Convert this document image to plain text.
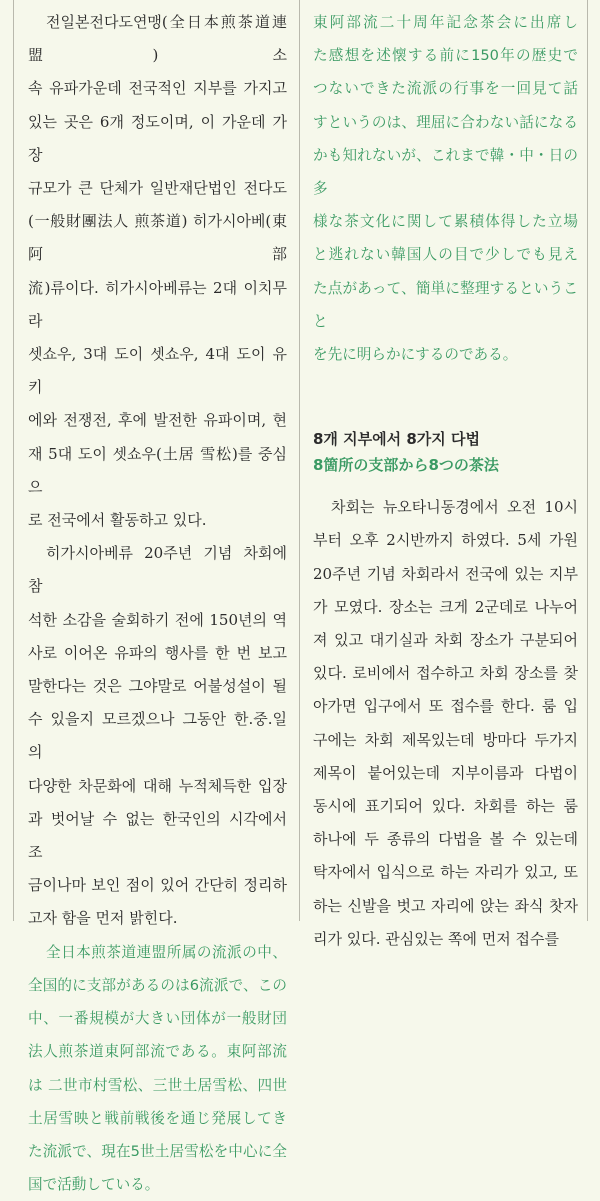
전일본전다도연맹(全日本煎茶道連盟) 소
속 유파가운데 전국적인 지부를 가지고
있는 곳은 6개 정도이며, 이 가운데 가장
규모가 큰 단체가 일반재단법인 전다도
(一般財團法人 煎茶道) 히가시아베(東阿部
流)류이다. 히가시아베류는 2대 이치무라
셋쇼우, 3대 도이 셋쇼우, 4대 도이 유키
에와 전쟁전, 후에 발전한 유파이며, 현
재 5대 도이 셋쇼우(土居 雪松)를 중심으
로 전국에서 활동하고 있다.
히가시아베류 20주년 기념 차회에 참
석한 소감을 술회하기 전에 150년의 역
사로 이어온 유파의 행사를 한 번 보고
말한다는 것은 그야말로 어불성설이 될
수 있을지 모르겠으나 그동안 한.중.일의
다양한 차문화에 대해 누적체득한 입장
과 벗어날 수 없는 한국인의 시각에서 조
금이나마 보인 점이 있어 간단히 정리하
고자 함을 먼저 밝힌다.
全日本煎茶道連盟所属の流派の中、
全国的に支部があるのは6流派で、この
中、一番規模が大きい団体が一般財団
法人煎茶道東阿部流である。東阿部流
は 二世市村雪松、三世土居雪松、四世
土居雪映と戦前戦後を通じ発展してき
た流派で、現在5世土居雪松を中心に全
国で活動している。
東阿部流二十周年記念茶会に出席し
た感想を述懐する前に150年の歴史で
つないできた流派の行事を一回見て話
すというのは、理屈に合わない話になる
かも知れないが、これまで韓・中・日の多
様な茶文化に関して累積体得した立場
と逃れない韓国人の目で少しでも見え
た点があって、簡単に整理するということ
を先に明らかにするのである。
8개 지부에서 8가지 다법
8箇所の支部から8つの茶法
차회는 뉴오타니동경에서 오전 10시
부터 오후 2시반까지 하였다. 5세 가원
20주년 기념 차회라서 전국에 있는 지부
가 모였다. 장소는 크게 2군데로 나누어
져 있고 대기실과 차회 장소가 구분되어
있다. 로비에서 접수하고 차회 장소를 찾
아가면 입구에서 또 접수를 한다. 룸 입
구에는 차회 제목있는데 방마다 두가지
제목이 붙어있는데 지부이름과 다법이
동시에 표기되어 있다. 차회를 하는 룸
하나에 두 종류의 다법을 볼 수 있는데
탁자에서 입식으로 하는 자리가 있고, 또
하는 신발을 벗고 자리에 앉는 좌식 찻자
리가 있다. 관심있는 쪽에 먼저 접수를
